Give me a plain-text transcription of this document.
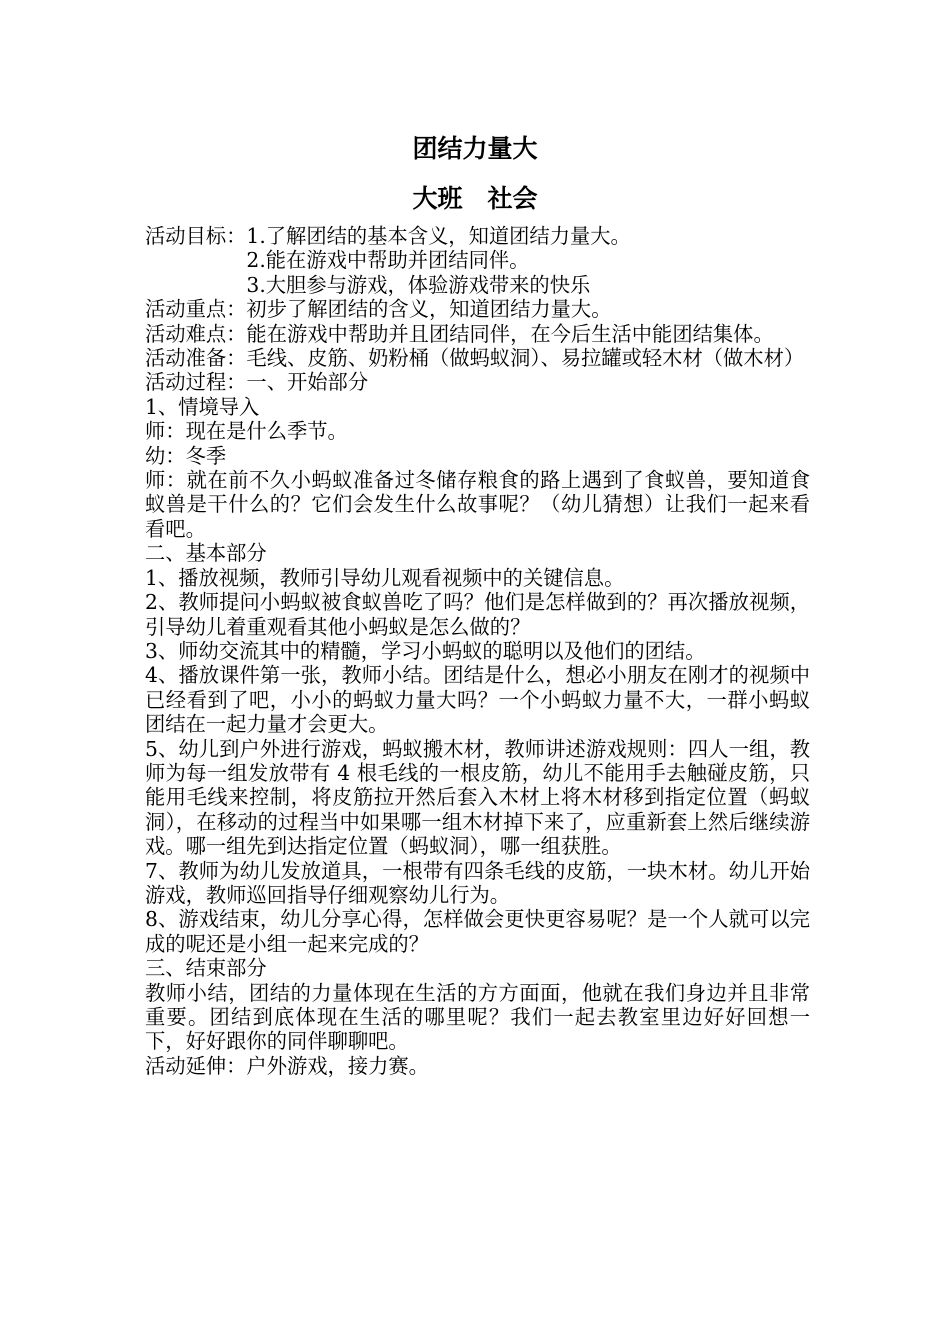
团结力量大
大班　社会
活动目标： 1.了解团结的基本含义，知道团结力量大。
2.能在游戏中帮助并团结同伴。
3.大胆参与游戏，体验游戏带来的快乐

活动重点：初步了解团结的含义，知道团结力量大。

活动难点：能在游戏中帮助并且团结同伴，在今后生活中能团结集体。

活动准备：毛线、皮筋、奶粉桶（做蚂蚁洞）、易拉罐或轻木材（做木材）

活动过程：一、开始部分

1、情境导入

师：现在是什么季节。

幼：冬季

师：就在前不久小蚂蚁准备过冬储存粮食的路上遇到了食蚁兽，要知道食蚁兽是干什么的？它们会发生什么故事呢？（幼儿猜想）让我们一起来看看吧。

二、基本部分

1、播放视频，教师引导幼儿观看视频中的关键信息。

2、教师提问小蚂蚁被食蚁兽吃了吗？他们是怎样做到的？再次播放视频，引导幼儿着重观看其他小蚂蚁是怎么做的？

3、师幼交流其中的精髓，学习小蚂蚁的聪明以及他们的团结。

4、播放课件第一张，教师小结。团结是什么，想必小朋友在刚才的视频中已经看到了吧，小小的蚂蚁力量大吗？一个小蚂蚁力量不大，一群小蚂蚁团结在一起力量才会更大。

5、幼儿到户外进行游戏，蚂蚁搬木材，教师讲述游戏规则：四人一组，教师为每一组发放带有 4 根毛线的一根皮筋，幼儿不能用手去触碰皮筋，只能用毛线来控制，将皮筋拉开然后套入木材上将木材移到指定位置（蚂蚁洞），在移动的过程当中如果哪一组木材掉下来了，应重新套上然后继续游戏。哪一组先到达指定位置（蚂蚁洞），哪一组获胜。

7、教师为幼儿发放道具，一根带有四条毛线的皮筋，一块木材。幼儿开始游戏，教师巡回指导仔细观察幼儿行为。

8、游戏结束，幼儿分享心得，怎样做会更快更容易呢？是一个人就可以完成的呢还是小组一起来完成的？

三、结束部分

教师小结，团结的力量体现在生活的方方面面，他就在我们身边并且非常重要。团结到底体现在生活的哪里呢？我们一起去教室里边好好回想一下，好好跟你的同伴聊聊吧。

活动延伸：户外游戏，接力赛。
